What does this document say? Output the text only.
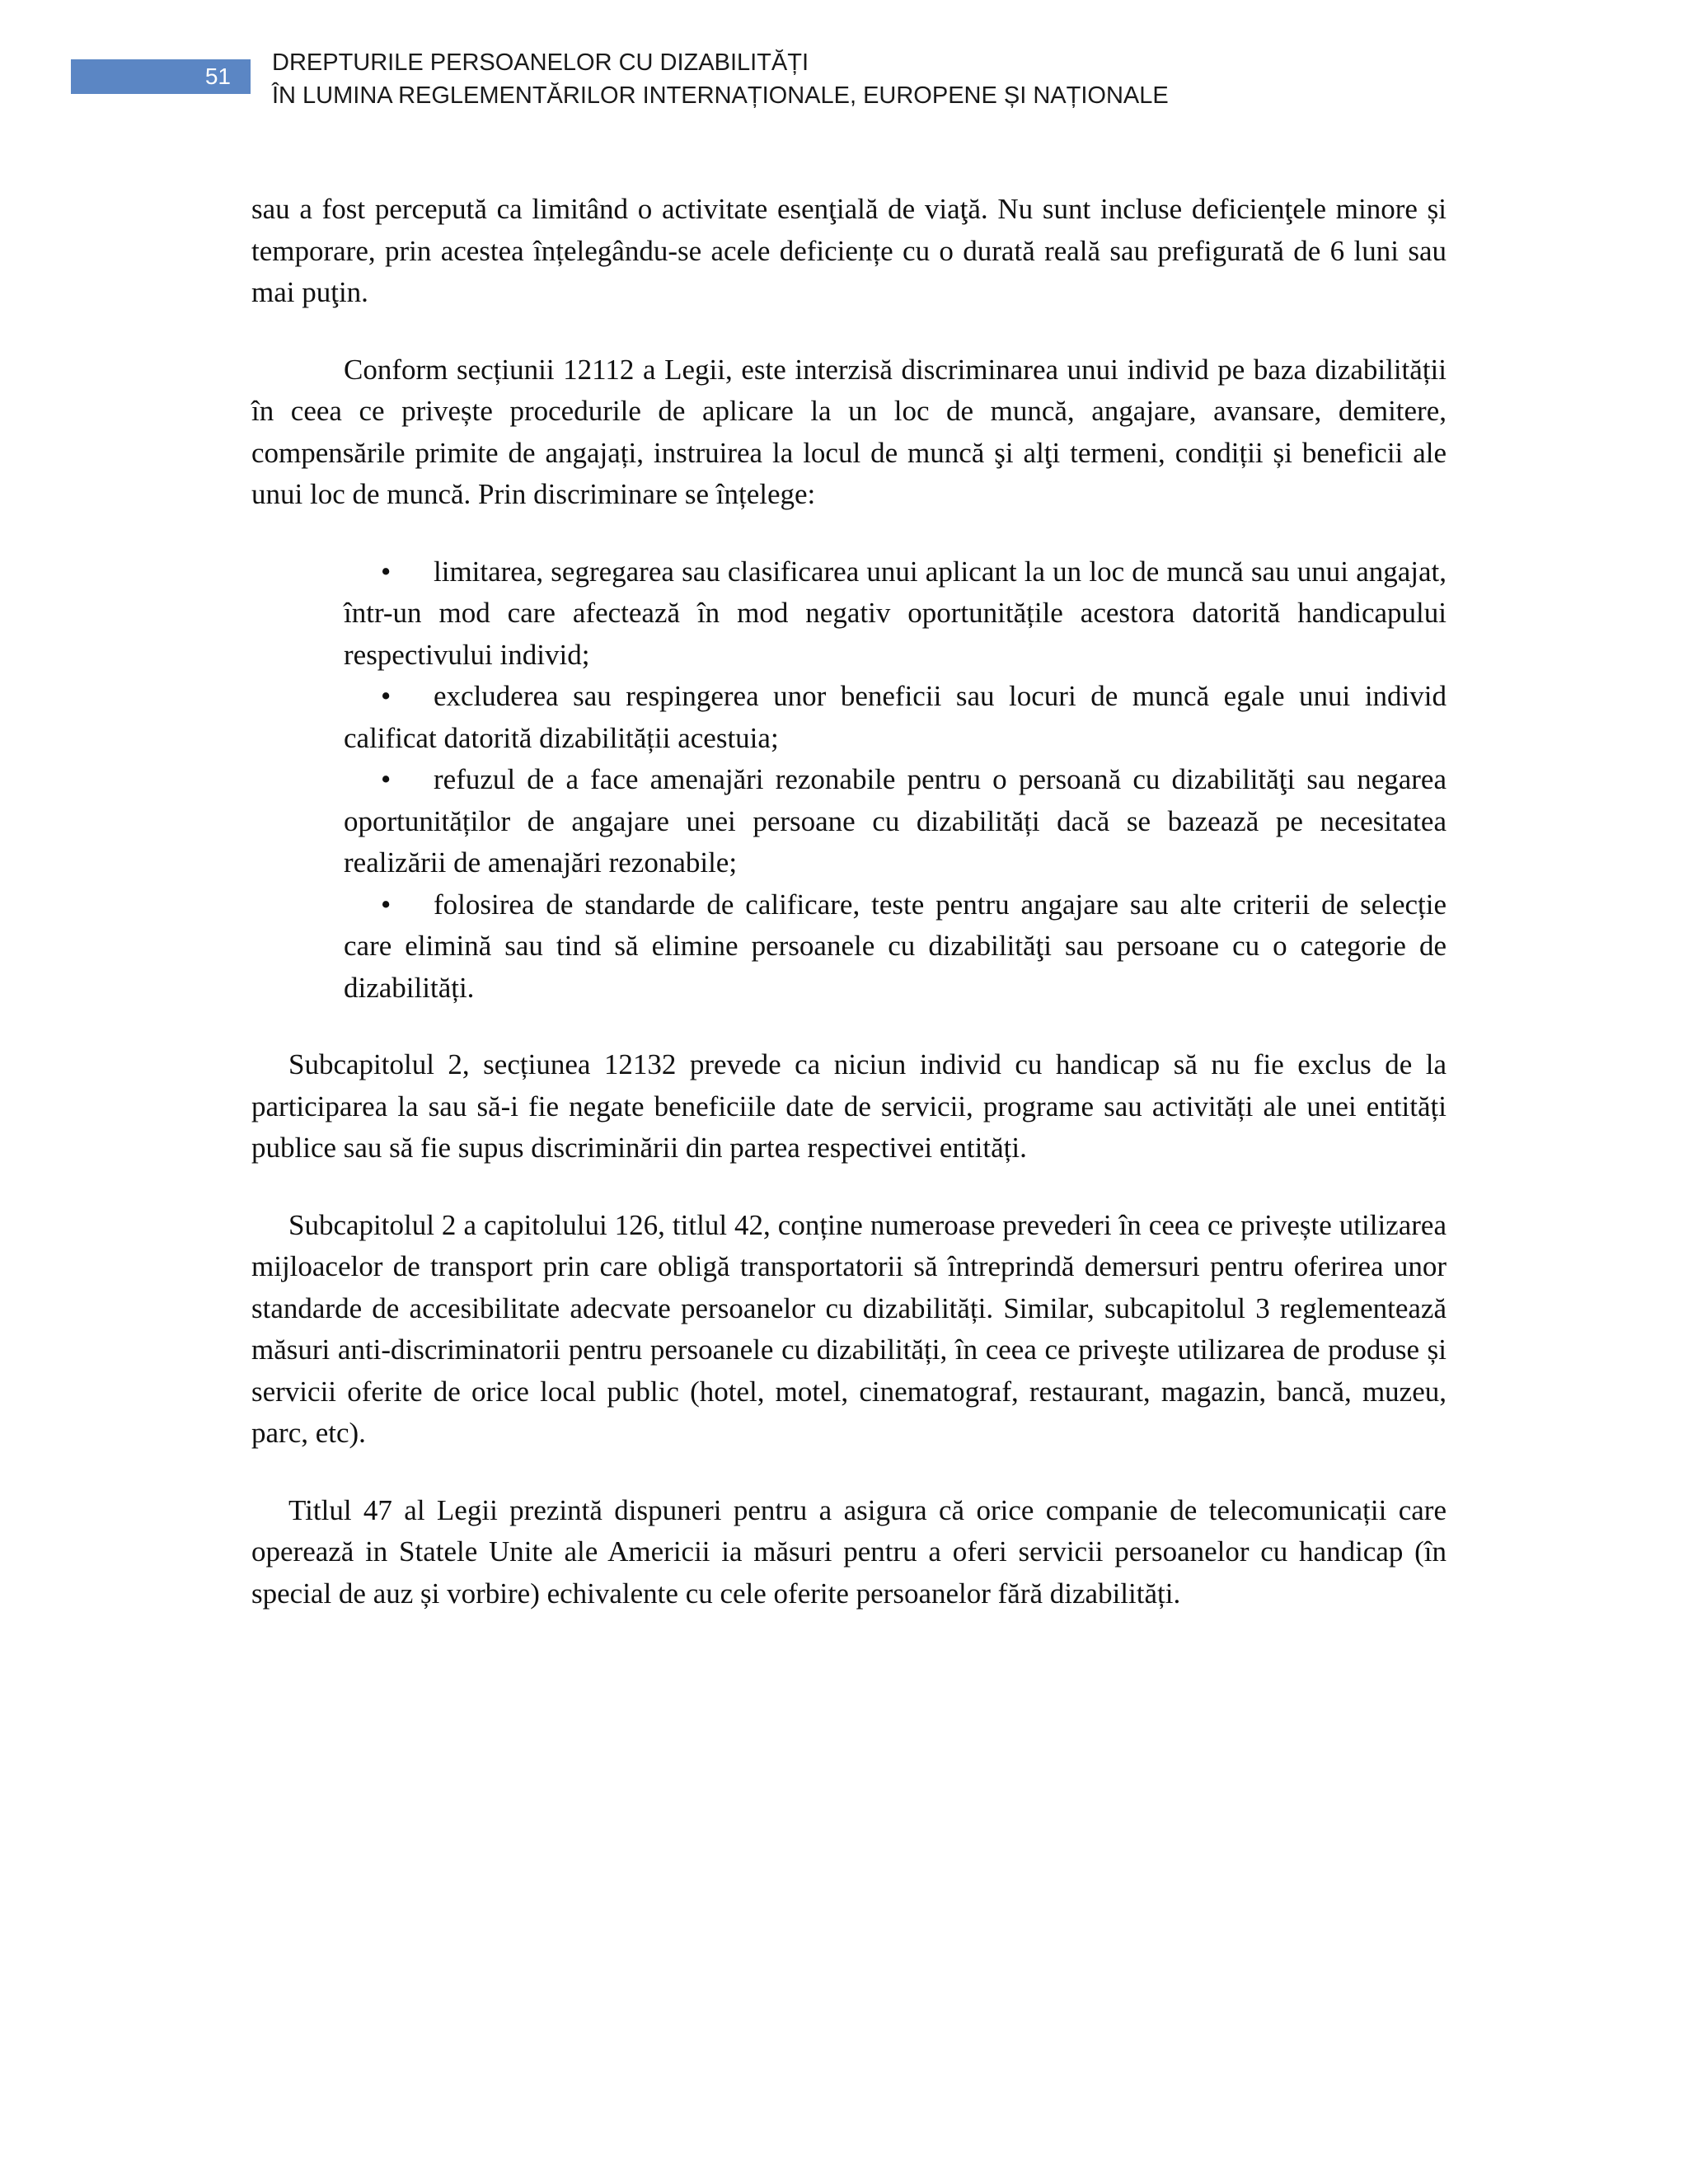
51
DREPTURILE PERSOANELOR CU DIZABILITĂȚI
ÎN LUMINA REGLEMENTĂRILOR INTERNAȚIONALE, EUROPENE ȘI NAȚIONALE

sau a fost percepută ca limitând o activitate esenţială de viaţă. Nu sunt incluse deficienţele minore și temporare, prin acestea înțelegându-se acele deficiențe cu o durată reală sau prefigurată de 6 luni sau mai puţin.

Conform secțiunii 12112 a Legii, este interzisă discriminarea unui individ pe baza dizabilității în ceea ce privește procedurile de aplicare la un loc de muncă, angajare, avansare, demitere, compensările primite de angajați, instruirea la locul de muncă şi alţi termeni, condiții și beneficii ale unui loc de muncă. Prin discriminare se înțelege:

• limitarea, segregarea sau clasificarea unui aplicant la un loc de muncă sau unui angajat, într-un mod care afectează în mod negativ oportunitățile acestora datorită handicapului respectivului individ;
• excluderea sau respingerea unor beneficii sau locuri de muncă egale unui individ calificat datorită dizabilității acestuia;
• refuzul de a face amenajări rezonabile pentru o persoană cu dizabilităţi sau negarea oportunităților de angajare unei persoane cu dizabilități dacă se bazează pe necesitatea realizării de amenajări rezonabile;
• folosirea de standarde de calificare, teste pentru angajare sau alte criterii de selecție care elimină sau tind să elimine persoanele cu dizabilităţi sau persoane cu o categorie de dizabilități.

Subcapitolul 2, secțiunea 12132 prevede ca niciun individ cu handicap să nu fie exclus de la participarea la sau să-i fie negate beneficiile date de servicii, programe sau activități ale unei entități publice sau să fie supus discriminării din partea respectivei entități.

Subcapitolul 2 a capitolului 126, titlul 42, conține numeroase prevederi în ceea ce privește utilizarea mijloacelor de transport prin care obligă transportatorii să întreprindă demersuri pentru oferirea unor standarde de accesibilitate adecvate persoanelor cu dizabilități. Similar, subcapitolul 3 reglementează măsuri anti-discriminatorii pentru persoanele cu dizabilități, în ceea ce priveşte utilizarea de produse și servicii oferite de orice local public (hotel, motel, cinematograf, restaurant, magazin, bancă, muzeu, parc, etc).

Titlul 47 al Legii prezintă dispuneri pentru a asigura că orice companie de telecomunicații care operează in Statele Unite ale Americii ia măsuri pentru a oferi servicii persoanelor cu handicap (în special de auz și vorbire) echivalente cu cele oferite persoanelor fără dizabilități.
